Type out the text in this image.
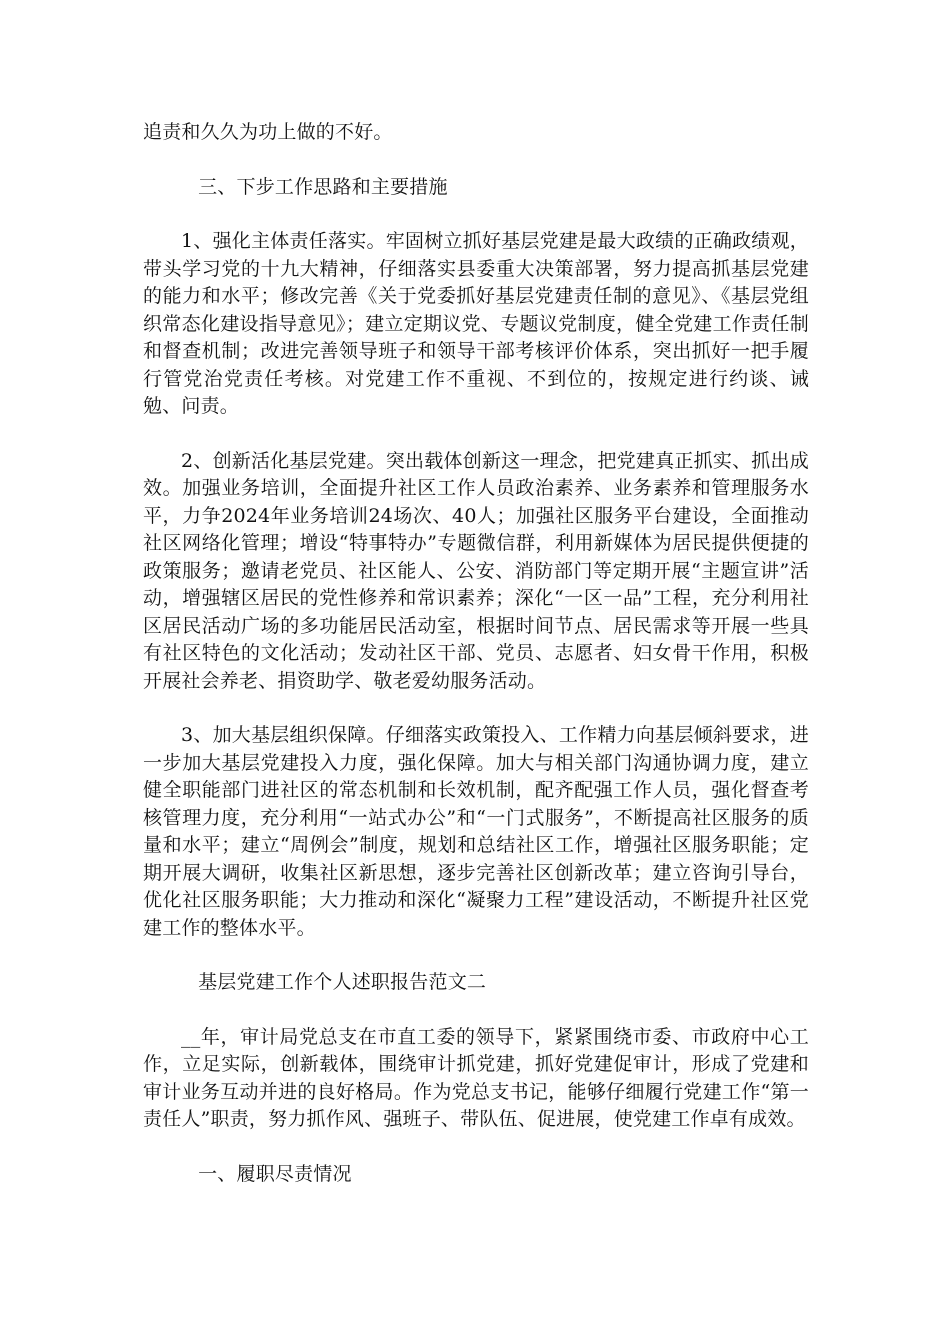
追责和久久为功上做的不好。

三、下步工作思路和主要措施

1、强化主体责任落实。牢固树立抓好基层党建是最大政绩的正确政绩观，带头学习党的十九大精神，仔细落实县委重大决策部署，努力提高抓基层党建的能力和水平；修改完善《关于党委抓好基层党建责任制的意见》、《基层党组织常态化建设指导意见》；建立定期议党、专题议党制度，健全党建工作责任制和督查机制；改进完善领导班子和领导干部考核评价体系，突出抓好一把手履行管党治党责任考核。对党建工作不重视、不到位的，按规定进行约谈、诫勉、问责。

2、创新活化基层党建。突出载体创新这一理念，把党建真正抓实、抓出成效。加强业务培训，全面提升社区工作人员政治素养、业务素养和管理服务水平，力争2024年业务培训24场次、40人；加强社区服务平台建设，全面推动社区网络化管理；增设“特事特办”专题微信群，利用新媒体为居民提供便捷的政策服务；邀请老党员、社区能人、公安、消防部门等定期开展“主题宣讲”活动，增强辖区居民的党性修养和常识素养；深化“一区一品”工程，充分利用社区居民活动广场的多功能居民活动室，根据时间节点、居民需求等开展一些具有社区特色的文化活动；发动社区干部、党员、志愿者、妇女骨干作用，积极开展社会养老、捐资助学、敬老爱幼服务活动。

3、加大基层组织保障。仔细落实政策投入、工作精力向基层倾斜要求，进一步加大基层党建投入力度，强化保障。加大与相关部门沟通协调力度，建立健全职能部门进社区的常态机制和长效机制，配齐配强工作人员，强化督查考核管理力度，充分利用“一站式办公”和“一门式服务”，不断提高社区服务的质量和水平；建立“周例会”制度，规划和总结社区工作，增强社区服务职能；定期开展大调研，收集社区新思想，逐步完善社区创新改革；建立咨询引导台，优化社区服务职能；大力推动和深化“凝聚力工程”建设活动，不断提升社区党建工作的整体水平。

基层党建工作个人述职报告范文二

__年，审计局党总支在市直工委的领导下，紧紧围绕市委、市政府中心工作，立足实际，创新载体，围绕审计抓党建，抓好党建促审计，形成了党建和审计业务互动并进的良好格局。作为党总支书记，能够仔细履行党建工作“第一责任人”职责，努力抓作风、强班子、带队伍、促进展，使党建工作卓有成效。

一、履职尽责情况
